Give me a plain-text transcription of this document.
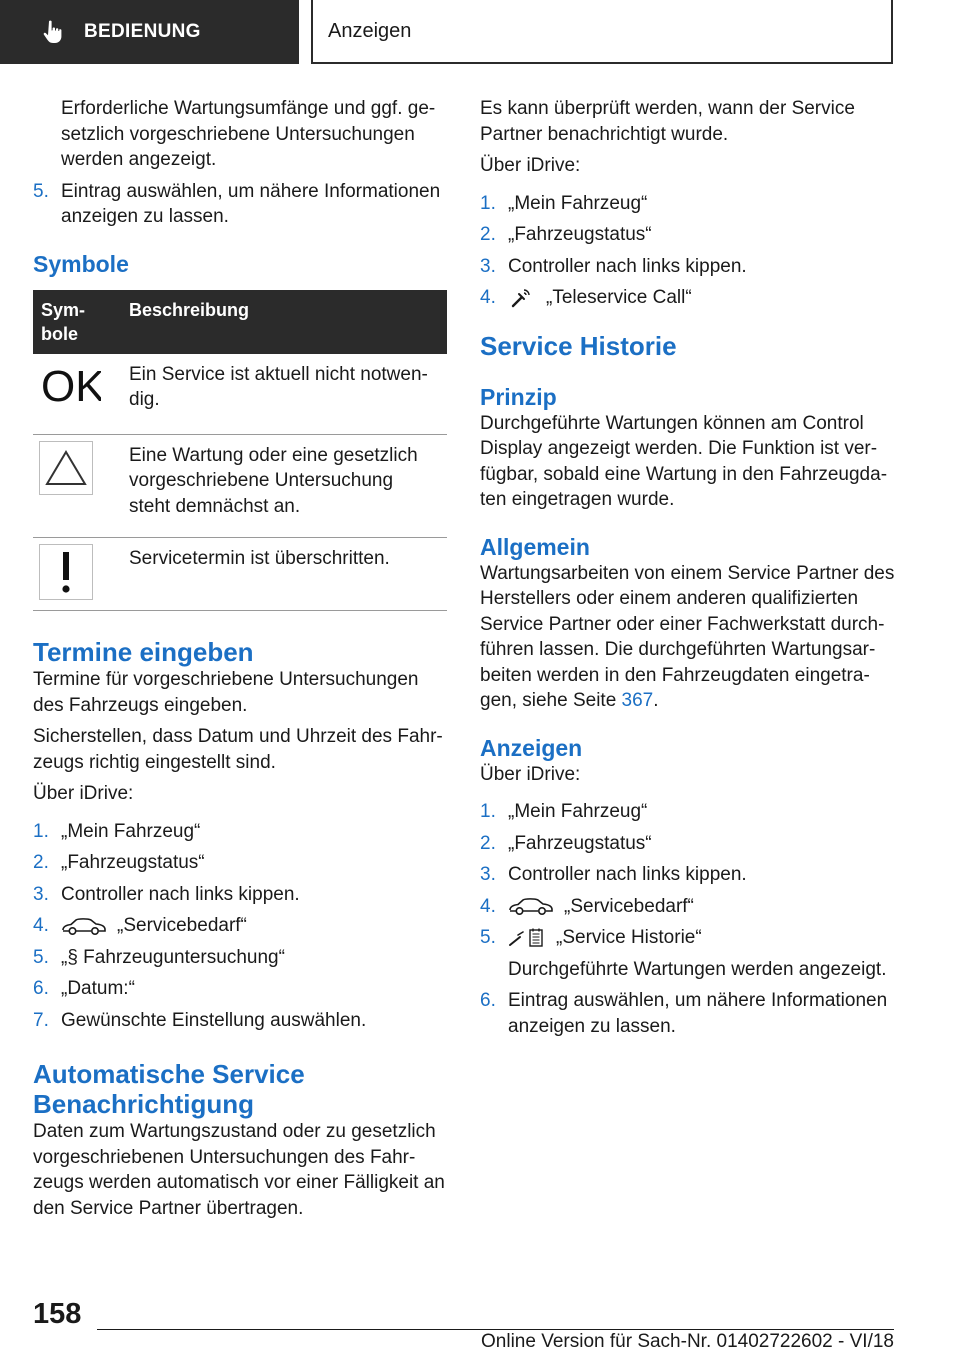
BEDIENUNG	Anzeigen

Erforderliche Wartungsumfänge und ggf. gesetzlich vorgeschriebene Untersuchungen werden angezeigt.

5. Eintrag auswählen, um nähere Informationen anzeigen zu lassen.
Symbole
Symbole	Beschreibung

OK	Ein Service ist aktuell nicht notwendig.

	Eine Wartung oder eine gesetzlich vorgeschriebene Untersuchung steht demnächst an.

	Servicetermin ist überschritten.
Termine eingeben

Termine für vorgeschriebene Untersuchungen des Fahrzeugs eingeben.

Sicherstellen, dass Datum und Uhrzeit des Fahrzeugs richtig eingestellt sind.

Über iDrive:

1. „Mein Fahrzeug“
2. „Fahrzeugstatus“
3. Controller nach links kippen.
4.	„Servicebedarf“
5. „§ Fahrzeuguntersuchung“
6. „Datum:“
7. Gewünschte Einstellung auswählen.
Automatische Service
Benachrichtigung

Daten zum Wartungszustand oder zu gesetzlich vorgeschriebenen Untersuchungen des Fahrzeugs werden automatisch vor einer Fälligkeit an den Service Partner übertragen.

Es kann überprüft werden, wann der Service Partner benachrichtigt wurde.

Über iDrive:

1. „Mein Fahrzeug“
2. „Fahrzeugstatus“
3. Controller nach links kippen.
4.	„Teleservice Call“
Service Historie
Prinzip

Durchgeführte Wartungen können am Control Display angezeigt werden. Die Funktion ist verfügbar, sobald eine Wartung in den Fahrzeugdaten eingetragen wurde.

Allgemein

Wartungsarbeiten von einem Service Partner des Herstellers oder einem anderen qualifizierten Service Partner oder einer Fachwerkstatt durchführen lassen. Die durchgeführten Wartungsarbeiten werden in den Fahrzeugdaten eingetragen, siehe Seite 367.

Anzeigen

Über iDrive:

1. „Mein Fahrzeug“
2. „Fahrzeugstatus“
3. Controller nach links kippen.
4.	„Servicebedarf“
5.	„Service Historie“
Durchgeführte Wartungen werden angezeigt.
6. Eintrag auswählen, um nähere Informationen anzeigen zu lassen.
158
Online Version für Sach-Nr. 01402722602 - VI/18
